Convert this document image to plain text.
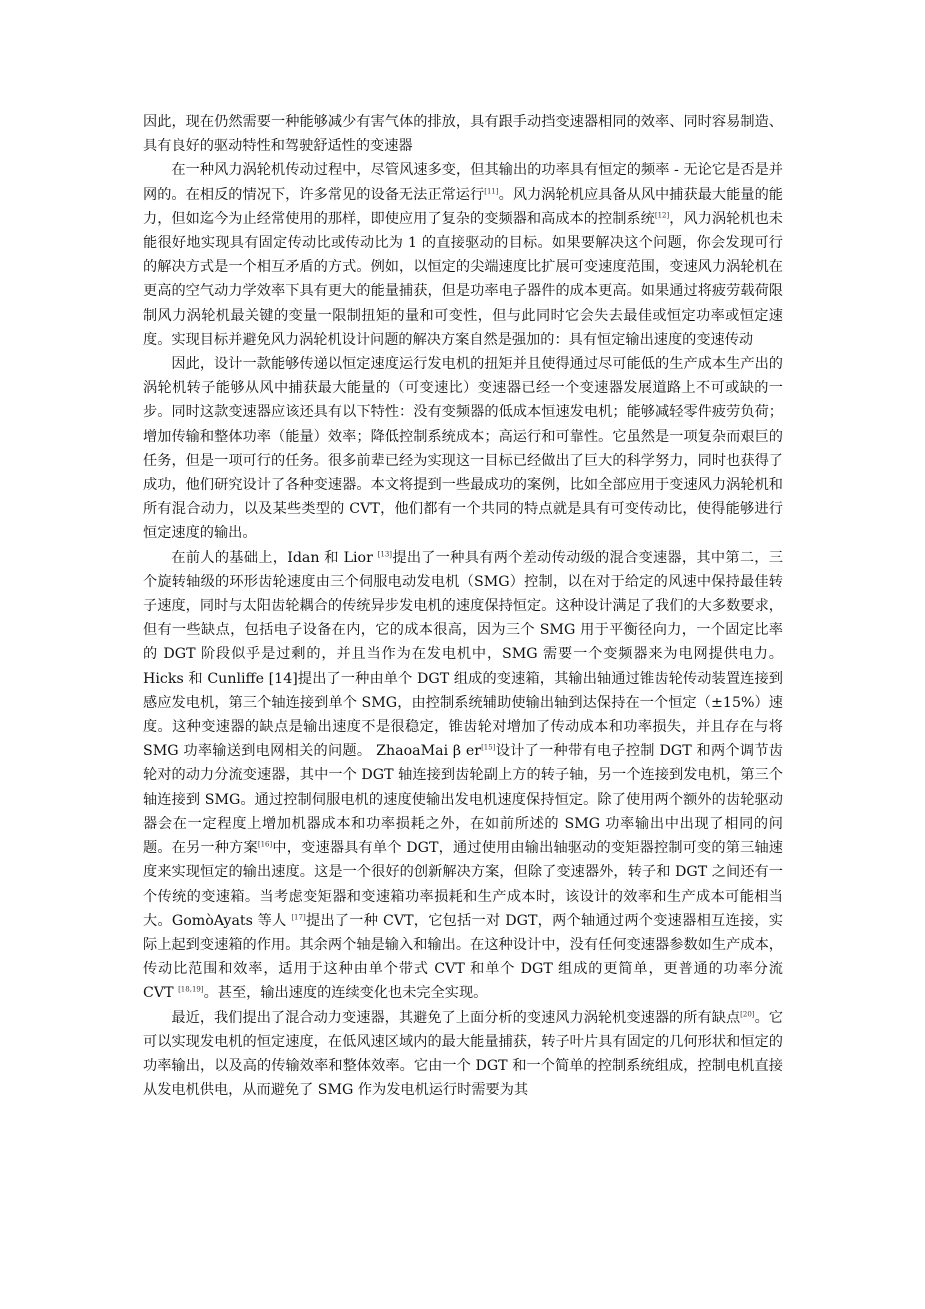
因此，现在仍然需要一种能够减少有害气体的排放，具有跟手动挡变速器相同的效率、同时容易制造、具有良好的驱动特性和驾驶舒适性的变速器

在一种风力涡轮机传动过程中，尽管风速多变，但其输出的功率具有恒定的频率 - 无论它是否是并网的。在相反的情况下，许多常见的设备无法正常运行[11]。风力涡轮机应具备从风中捕获最大能量的能力，但如迄今为止经常使用的那样，即使应用了复杂的变频器和高成本的控制系统[12]，风力涡轮机也未能很好地实现具有固定传动比或传动比为 1 的直接驱动的目标。如果要解决这个问题，你会发现可行的解决方式是一个相互矛盾的方式。例如，以恒定的尖端速度比扩展可变速度范围，变速风力涡轮机在更高的空气动力学效率下具有更大的能量捕获，但是功率电子器件的成本更高。如果通过将疲劳载荷限制风力涡轮机最关键的变量一限制扭矩的量和可变性，但与此同时它会失去最佳或恒定功率或恒定速度。实现目标并避免风力涡轮机设计问题的解决方案自然是强加的：具有恒定输出速度的变速传动

因此，设计一款能够传递以恒定速度运行发电机的扭矩并且使得通过尽可能低的生产成本生产出的涡轮机转子能够从风中捕获最大能量的（可变速比）变速器已经一个变速器发展道路上不可或缺的一步。同时这款变速器应该还具有以下特性：没有变频器的低成本恒速发电机；能够减轻零件疲劳负荷；增加传输和整体功率（能量）效率；降低控制系统成本；高运行和可靠性。它虽然是一项复杂而艰巨的任务，但是一项可行的任务。很多前辈已经为实现这一目标已经做出了巨大的科学努力，同时也获得了成功，他们研究设计了各种变速器。本文将提到一些最成功的案例，比如全部应用于变速风力涡轮机和所有混合动力，以及某些类型的 CVT，他们都有一个共同的特点就是具有可变传动比，使得能够进行恒定速度的输出。

在前人的基础上，Idan 和 Lior [13]提出了一种具有两个差动传动级的混合变速器，其中第二，三个旋转轴级的环形齿轮速度由三个伺服电动发电机（SMG）控制，以在对于给定的风速中保持最佳转子速度，同时与太阳齿轮耦合的传统异步发电机的速度保持恒定。这种设计满足了我们的大多数要求，但有一些缺点，包括电子设备在内，它的成本很高，因为三个 SMG 用于平衡径向力，一个固定比率的 DGT 阶段似乎是过剩的，并且当作为在发电机中，SMG 需要一个变频器来为电网提供电力。 Hicks 和 Cunliffe [14]提出了一种由单个 DGT 组成的变速箱，其输出轴通过锥齿轮传动装置连接到感应发电机，第三个轴连接到单个 SMG，由控制系统辅助使输出轴到达保持在一个恒定（±15%）速度。这种变速器的缺点是输出速度不是很稳定，锥齿轮对增加了传动成本和功率损失，并且存在与将 SMG 功率输送到电网相关的问题。 ZhaoaMai β er[15]设计了一种带有电子控制 DGT 和两个调节齿轮对的动力分流变速器，其中一个 DGT 轴连接到齿轮副上方的转子轴，另一个连接到发电机，第三个轴连接到 SMG。通过控制伺服电机的速度使输出发电机速度保持恒定。除了使用两个额外的齿轮驱动器会在一定程度上增加机器成本和功率损耗之外，在如前所述的 SMG 功率输出中出现了相同的问题。在另一种方案[16]中，变速器具有单个 DGT，通过使用由输出轴驱动的变矩器控制可变的第三轴速度来实现恒定的输出速度。这是一个很好的创新解决方案，但除了变速器外，转子和 DGT 之间还有一个传统的变速箱。当考虑变矩器和变速箱功率损耗和生产成本时，该设计的效率和生产成本可能相当大。GomòAyats 等人 [17]提出了一种 CVT，它包括一对 DGT，两个轴通过两个变速器相互连接，实际上起到变速箱的作用。其余两个轴是输入和输出。在这种设计中，没有任何变速器参数如生产成本，传动比范围和效率，适用于这种由单个带式 CVT 和单个 DGT 组成的更简单，更普通的功率分流 CVT [18,19]。甚至，输出速度的连续变化也未完全实现。

最近，我们提出了混合动力变速器，其避免了上面分析的变速风力涡轮机变速器的所有缺点[20]。它可以实现发电机的恒定速度，在低风速区域内的最大能量捕获，转子叶片具有固定的几何形状和恒定的功率输出，以及高的传输效率和整体效率。它由一个 DGT 和一个简单的控制系统组成，控制电机直接从发电机供电，从而避免了 SMG 作为发电机运行时需要为其
